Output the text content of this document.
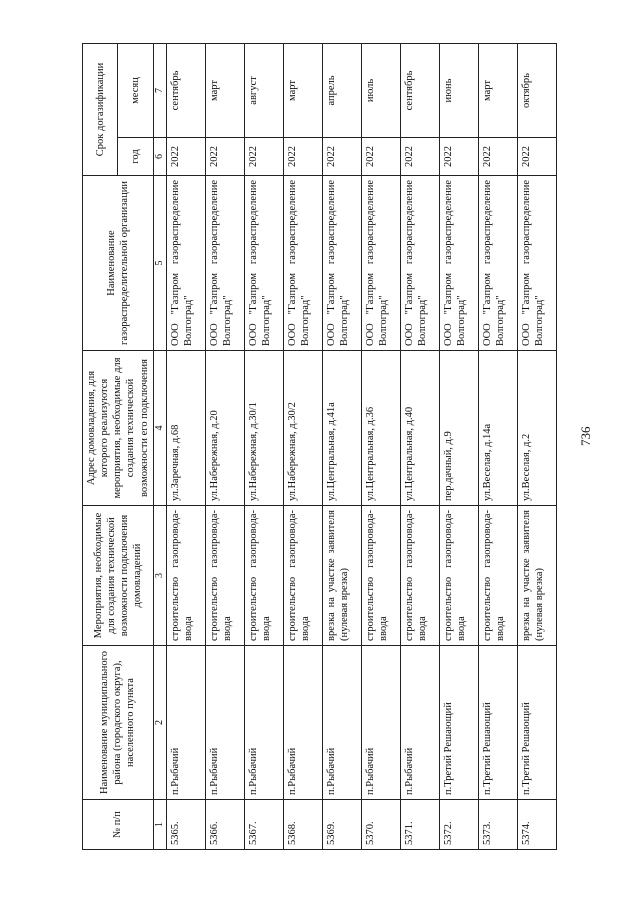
736
№ п/п	Наименование муниципального района (городского округа), населенного пункта	Мероприятия, необходимые для создания технической возможности подключения домовладений	Адрес домовладения, для которого реализуются мероприятия, необходимые для создания технической возможности его подключения	Наименование газораспределительной организации	Срок догазификации	
					год	месяц
1	2	3	4	5	6	7
5365.	п.Рыбачий	строительство газопровода-ввода	ул.Заречная, д.68	ООО "Газпром газораспределение Волгоград"	2022	сентябрь
5366.	п.Рыбачий	строительство газопровода-ввода	ул.Набережная, д.20	ООО "Газпром газораспределение Волгоград"	2022	март
5367.	п.Рыбачий	строительство газопровода-ввода	ул.Набережная, д.30/1	ООО "Газпром газораспределение Волгоград"	2022	август
5368.	п.Рыбачий	строительство газопровода-ввода	ул.Набережная, д.30/2	ООО "Газпром газораспределение Волгоград"	2022	март
5369.	п.Рыбачий	врезка на участке заявителя (нулевая врезка)	ул.Центральная, д.41а	ООО "Газпром газораспределение Волгоград"	2022	апрель
5370.	п.Рыбачий	строительство газопровода-ввода	ул.Центральная, д.36	ООО "Газпром газораспределение Волгоград"	2022	июль
5371.	п.Рыбачий	строительство газопровода-ввода	ул.Центральная, д.40	ООО "Газпром газораспределение Волгоград"	2022	сентябрь
5372.	п.Третий Решающий	строительство газопровода-ввода	пер.дачный, д.9	ООО "Газпром газораспределение Волгоград"	2022	июнь
5373.	п.Третий Решающий	строительство газопровода-ввода	ул.Веселая, д.14а	ООО "Газпром газораспределение Волгоград"	2022	март
5374.	п.Третий Решающий	врезка на участке заявителя (нулевая врезка)	ул.Веселая, д.2	ООО "Газпром газораспределение Волгоград"	2022	октябрь
